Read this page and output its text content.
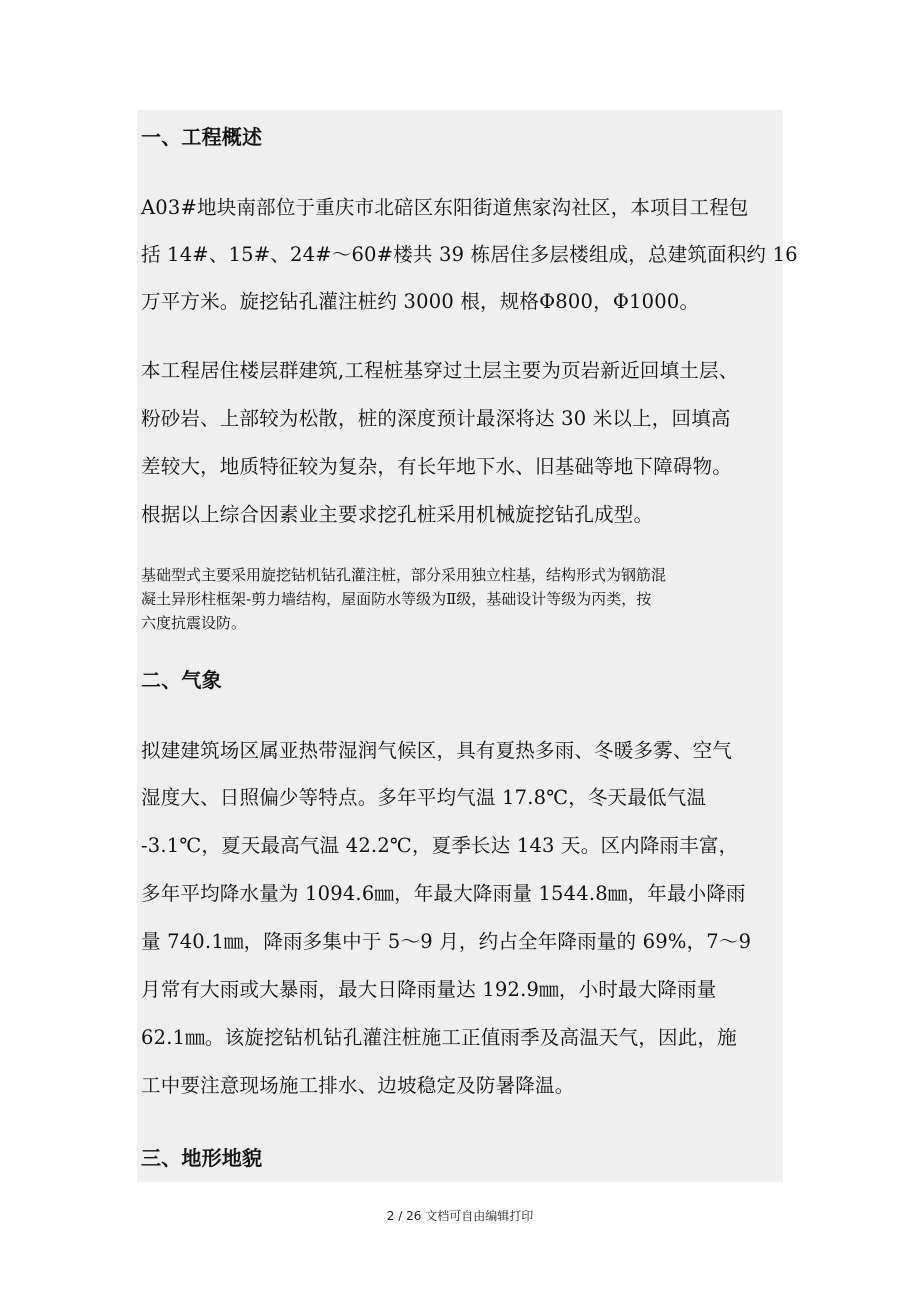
一、工程概述
A03#地块南部位于重庆市北碚区东阳街道焦家沟社区，本项目工程包
括 14#、15#、24#～60#楼共 39 栋居住多层楼组成，总建筑面积约 16
万平方米。旋挖钻孔灌注桩约 3000 根，规格Φ800，Φ1000。
本工程居住楼层群建筑,工程桩基穿过土层主要为页岩新近回填土层、
粉砂岩、上部较为松散，桩的深度预计最深将达 30 米以上，回填高
差较大，地质特征较为复杂，有长年地下水、旧基础等地下障碍物。
根据以上综合因素业主要求挖孔桩采用机械旋挖钻孔成型。
基础型式主要采用旋挖钻机钻孔灌注桩，部分采用独立柱基，结构形式为钢筋混
凝土异形柱框架-剪力墙结构，屋面防水等级为Ⅱ级，基础设计等级为丙类，按
六度抗震设防。
二、气象
拟建建筑场区属亚热带湿润气候区，具有夏热多雨、冬暖多雾、空气
湿度大、日照偏少等特点。多年平均气温 17.8℃，冬天最低气温
-3.1℃，夏天最高气温 42.2℃，夏季长达 143 天。区内降雨丰富，
多年平均降水量为 1094.6㎜，年最大降雨量 1544.8㎜，年最小降雨
量 740.1㎜，降雨多集中于 5～9 月，约占全年降雨量的 69%，7～9
月常有大雨或大暴雨，最大日降雨量达 192.9㎜，小时最大降雨量
62.1㎜。该旋挖钻机钻孔灌注桩施工正值雨季及高温天气，因此，施
工中要注意现场施工排水、边坡稳定及防暑降温。
三、地形地貌
2 / 26 文档可自由编辑打印
